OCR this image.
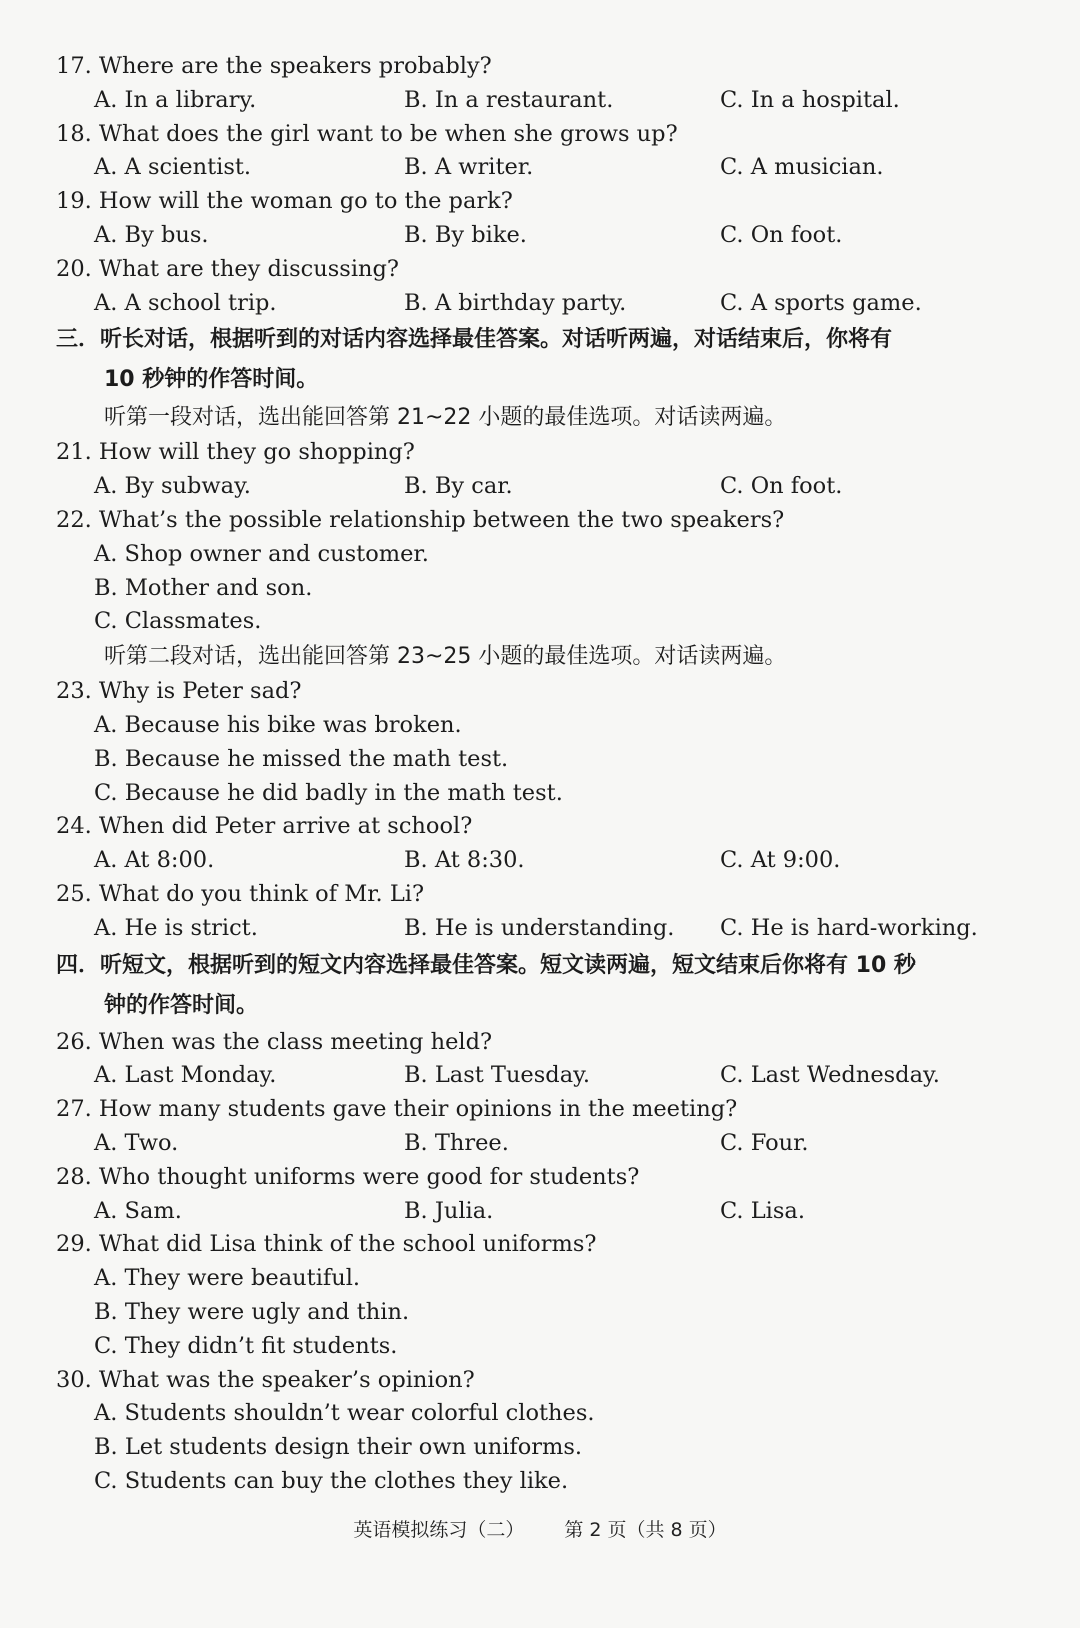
17. Where are the speakers probably?
A. In a library.	B. In a restaurant.	C. In a hospital.
18. What does the girl want to be when she grows up?
A. A scientist.	B. A writer.	C. A musician.
19. How will the woman go to the park?
A. By bus.	B. By bike.	C. On foot.
20. What are they discussing?
A. A school trip.	B. A birthday party.	C. A sports game.
三．听长对话，根据听到的对话内容选择最佳答案。对话听两遍，对话结束后，你将有
10 秒钟的作答时间。
听第一段对话，选出能回答第 21~22 小题的最佳选项。对话读两遍。
21. How will they go shopping?
A. By subway.	B. By car.	C. On foot.
22. What’s the possible relationship between the two speakers?
A. Shop owner and customer.
B. Mother and son.
C. Classmates.
听第二段对话，选出能回答第 23~25 小题的最佳选项。对话读两遍。
23. Why is Peter sad?
A. Because his bike was broken.
B. Because he missed the math test.
C. Because he did badly in the math test.
24. When did Peter arrive at school?
A. At 8:00.	B. At 8:30.	C. At 9:00.
25. What do you think of Mr. Li?
A. He is strict.	B. He is understanding. C. He is hard-working.
四．听短文，根据听到的短文内容选择最佳答案。短文读两遍，短文结束后你将有 10 秒
钟的作答时间。
26. When was the class meeting held?
A. Last Monday.	B. Last Tuesday.	C. Last Wednesday.
27. How many students gave their opinions in the meeting?
A. Two.	B. Three.	C. Four.
28. Who thought uniforms were good for students?
A. Sam.	B. Julia.	C. Lisa.
29. What did Lisa think of the school uniforms?
A. They were beautiful.
B. They were ugly and thin.
C. They didn’t fit students.
30. What was the speaker’s opinion?
A. Students shouldn’t wear colorful clothes.
B. Let students design their own uniforms.
C. Students can buy the clothes they like.
英语模拟练习（二） 第 2 页（共 8 页）
